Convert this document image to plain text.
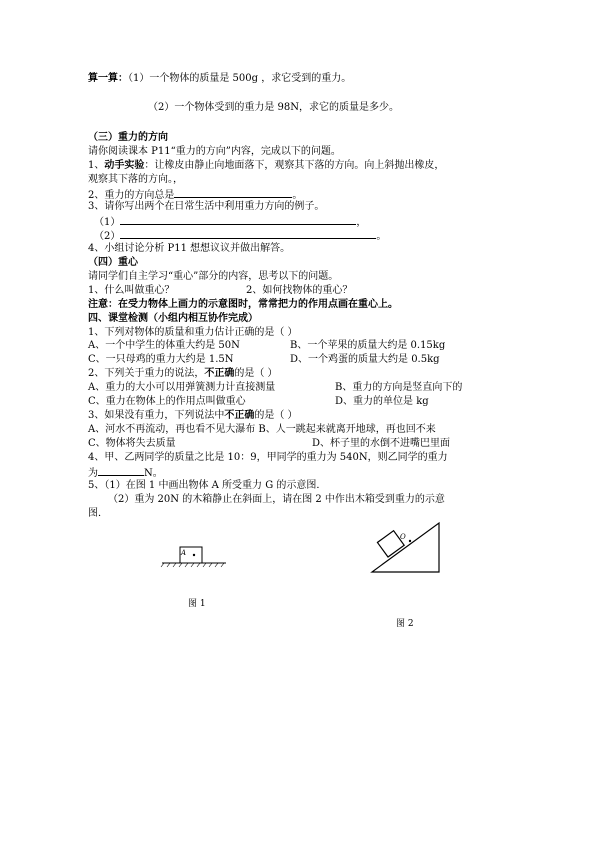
算一算：（1）一个物体的质量是 500g ，求它受到的重力。
（2）一个物体受到的重力是 98N，求它的质量是多少。
（三）重力的方向
请你阅读课本 P11“重力的方向”内容，完成以下的问题。
1、动手实验：让橡皮由静止向地面落下，观察其下落的方向。向上斜抛出橡皮，
观察其下落的方向。，
2、重力的方向总是	。
3、请你写出两个在日常生活中利用重力方向的例子。
（1）	，
（2）	。
4、小组讨论分析 P11 想想议议并做出解答。
（四）重心
请同学们自主学习“重心”部分的内容，思考以下的问题。
1、什么叫做重心？	2、如何找物体的重心？
注意：在受力物体上画力的示意图时，常常把力的作用点画在重心上。
四、课堂检测（小组内相互协作完成）
1、下列对物体的质量和重力估计正确的是（ ）
A、一个中学生的体重大约是 50N	B、一个苹果的质量大约是 0.15kg
C、一只母鸡的重力大约是 1.5N	D、一个鸡蛋的质量大约是 0.5kg
2、下列关于重力的说法，不正确的是（ ）
A、重力的大小可以用弹簧测力计直接测量	B、重力的方向是竖直向下的
C、重力在物体上的作用点叫做重心	D、重力的单位是 kg
3、如果没有重力，下列说法中不正确的是（ ）
A、河水不再流动，再也看不见大瀑布 B、人一跳起来就离开地球，再也回不来
C、物体将失去质量	D、杯子里的水倒不进嘴巴里面
4、甲、乙两同学的质量之比是 10：9，甲同学的重力为 540N，则乙同学的重力
为	N。
5、（1）在图 1 中画出物体 A 所受重力 G 的示意图．
（2）重为 20N 的木箱静止在斜面上，请在图 2 中作出木箱受到重力的示意
图．
A
图 1
O
图 2
